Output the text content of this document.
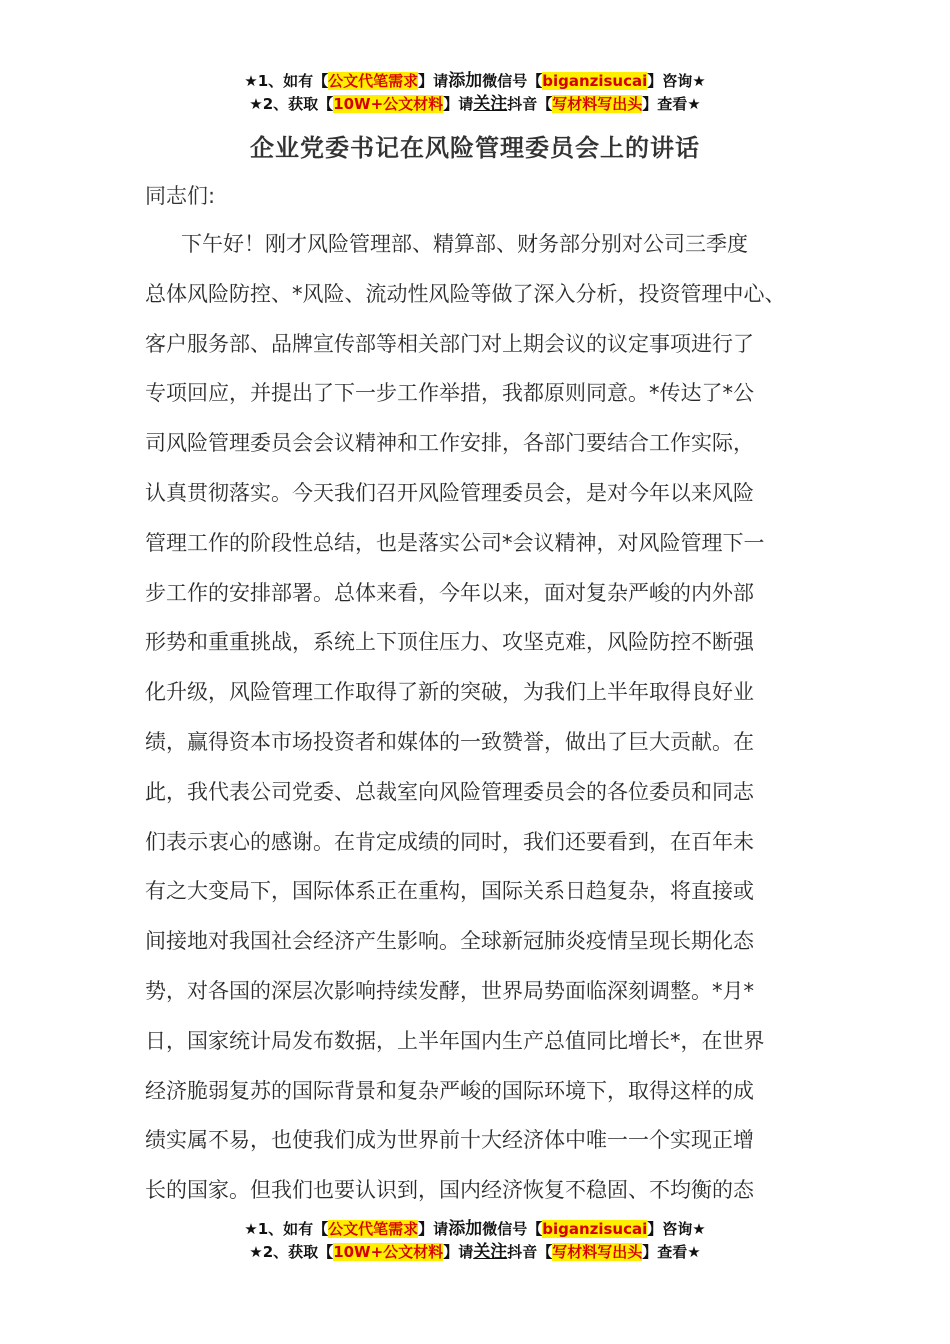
★1、如有【公文代笔需求】请添加微信号【biganzisucai】咨询★
★2、获取【10W+公文材料】请关注抖音【写材料写出头】查看★
企业党委书记在风险管理委员会上的讲话
同志们:
下午好！刚才风险管理部、精算部、财务部分别对公司三季度
总体风险防控、*风险、流动性风险等做了深入分析，投资管理中心、
客户服务部、品牌宣传部等相关部门对上期会议的议定事项进行了
专项回应，并提出了下一步工作举措，我都原则同意。*传达了*公
司风险管理委员会会议精神和工作安排，各部门要结合工作实际，
认真贯彻落实。今天我们召开风险管理委员会，是对今年以来风险
管理工作的阶段性总结，也是落实公司*会议精神，对风险管理下一
步工作的安排部署。总体来看，今年以来，面对复杂严峻的内外部
形势和重重挑战，系统上下顶住压力、攻坚克难，风险防控不断强
化升级，风险管理工作取得了新的突破，为我们上半年取得良好业
绩，赢得资本市场投资者和媒体的一致赞誉，做出了巨大贡献。在
此，我代表公司党委、总裁室向风险管理委员会的各位委员和同志
们表示衷心的感谢。在肯定成绩的同时，我们还要看到，在百年未
有之大变局下，国际体系正在重构，国际关系日趋复杂，将直接或
间接地对我国社会经济产生影响。全球新冠肺炎疫情呈现长期化态
势，对各国的深层次影响持续发酵，世界局势面临深刻调整。*月*
日，国家统计局发布数据，上半年国内生产总值同比增长*，在世界
经济脆弱复苏的国际背景和复杂严峻的国际环境下，取得这样的成
绩实属不易，也使我们成为世界前十大经济体中唯一一个实现正增
长的国家。但我们也要认识到，国内经济恢复不稳固、不均衡的态
★1、如有【公文代笔需求】请添加微信号【biganzisucai】咨询★
★2、获取【10W+公文材料】请关注抖音【写材料写出头】查看★
